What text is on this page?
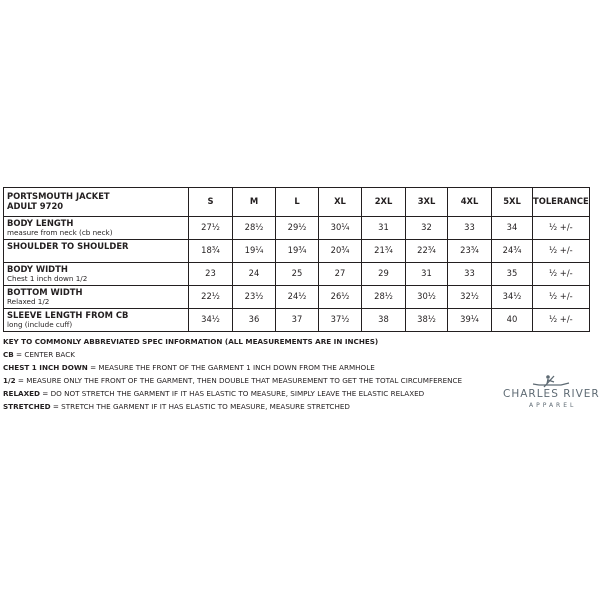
PORTSMOUTH JACKET
ADULT 9720	S	M	L	XL	2XL	3XL	4XL	5XL	TOLERANCE

BODY LENGTH
measure from neck (cb neck)	27½	28½	29½	30¼	31	32	33	34	½ +/-

SHOULDER TO SHOULDER	18¾	19¼	19¾	20¾	21¾	22¾	23¾	24¾	½ +/-

BODY WIDTH
Chest 1 inch down 1/2	23	24	25	27	29	31	33	35	½ +/-

BOTTOM WIDTH
Relaxed 1/2	22½	23½	24½	26½	28½	30½	32½	34½	½ +/-

SLEEVE LENGTH FROM CB
long (include cuff)	34½	36	37	37½	38	38½	39¼	40	½ +/-
KEY TO COMMONLY ABBREVIATED SPEC INFORMATION (ALL MEASUREMENTS ARE IN INCHES)
CB = CENTER BACK
CHEST 1 INCH DOWN = MEASURE THE FRONT OF THE GARMENT 1 INCH DOWN FROM THE ARMHOLE
1/2 = MEASURE ONLY THE FRONT OF THE GARMENT, THEN DOUBLE THAT MEASUREMENT TO GET THE TOTAL CIRCUMFERENCE
RELAXED = DO NOT STRETCH THE GARMENT IF IT HAS ELASTIC TO MEASURE, SIMPLY LEAVE THE ELASTIC RELAXED
STRETCHED = STRETCH THE GARMENT IF IT HAS ELASTIC TO MEASURE, MEASURE STRETCHED
CHARLES RIVER
APPAREL
